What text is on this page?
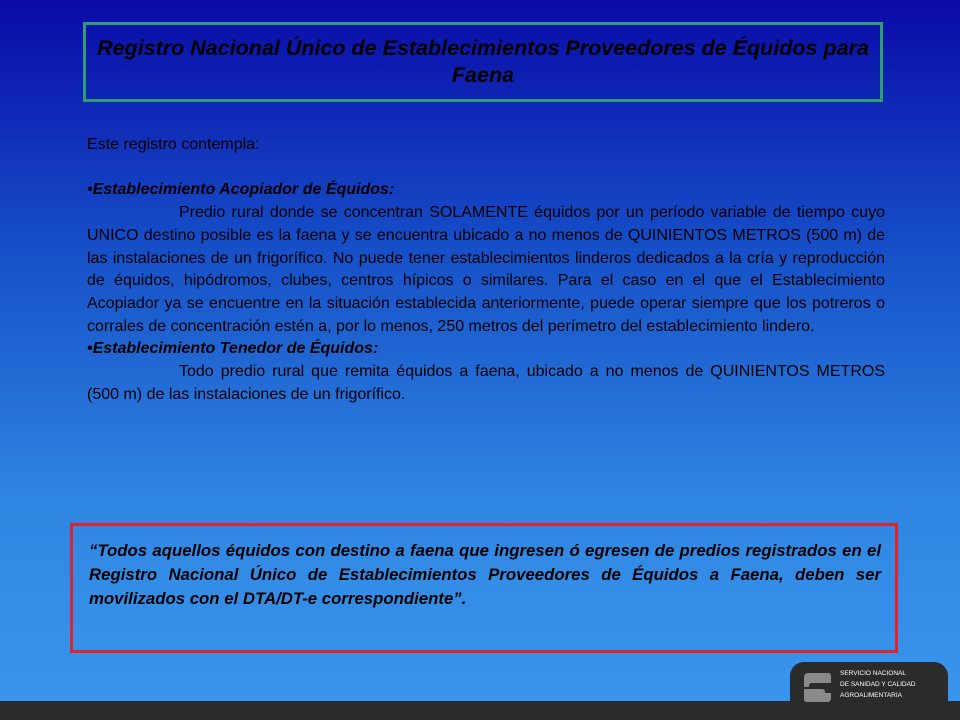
Registro Nacional Único de Establecimientos Proveedores de Équidos para Faena

Este registro contempla:

•Establecimiento Acopiador de Équidos:

Predio rural donde se concentran SOLAMENTE équidos por un período variable de tiempo cuyo UNICO destino posible es la faena y se encuentra ubicado a no menos de QUINIENTOS METROS (500 m) de las instalaciones de un frigorífico. No puede tener establecimientos linderos dedicados a la cría y reproducción de équidos, hipódromos, clubes, centros hípicos o similares. Para el caso en el que el Establecimiento Acopiador ya se encuentre en la situación establecida anteriormente, puede operar siempre que los potreros o corrales de concentración estén a, por lo menos, 250 metros del perímetro del establecimiento lindero.

•Establecimiento Tenedor de Équidos:

Todo predio rural que remita équidos a faena, ubicado a no menos de QUINIENTOS METROS (500 m) de las instalaciones de un frigorífico.

“Todos aquellos équidos con destino a faena que ingresen ó egresen de predios registrados en el Registro Nacional Único de Establecimientos Proveedores de Équidos a Faena, deben ser movilizados con el DTA/DT-e correspondiente”.

SERVICIO NACIONAL
DE SANIDAD Y CALIDAD
AGROALIMENTARIA
